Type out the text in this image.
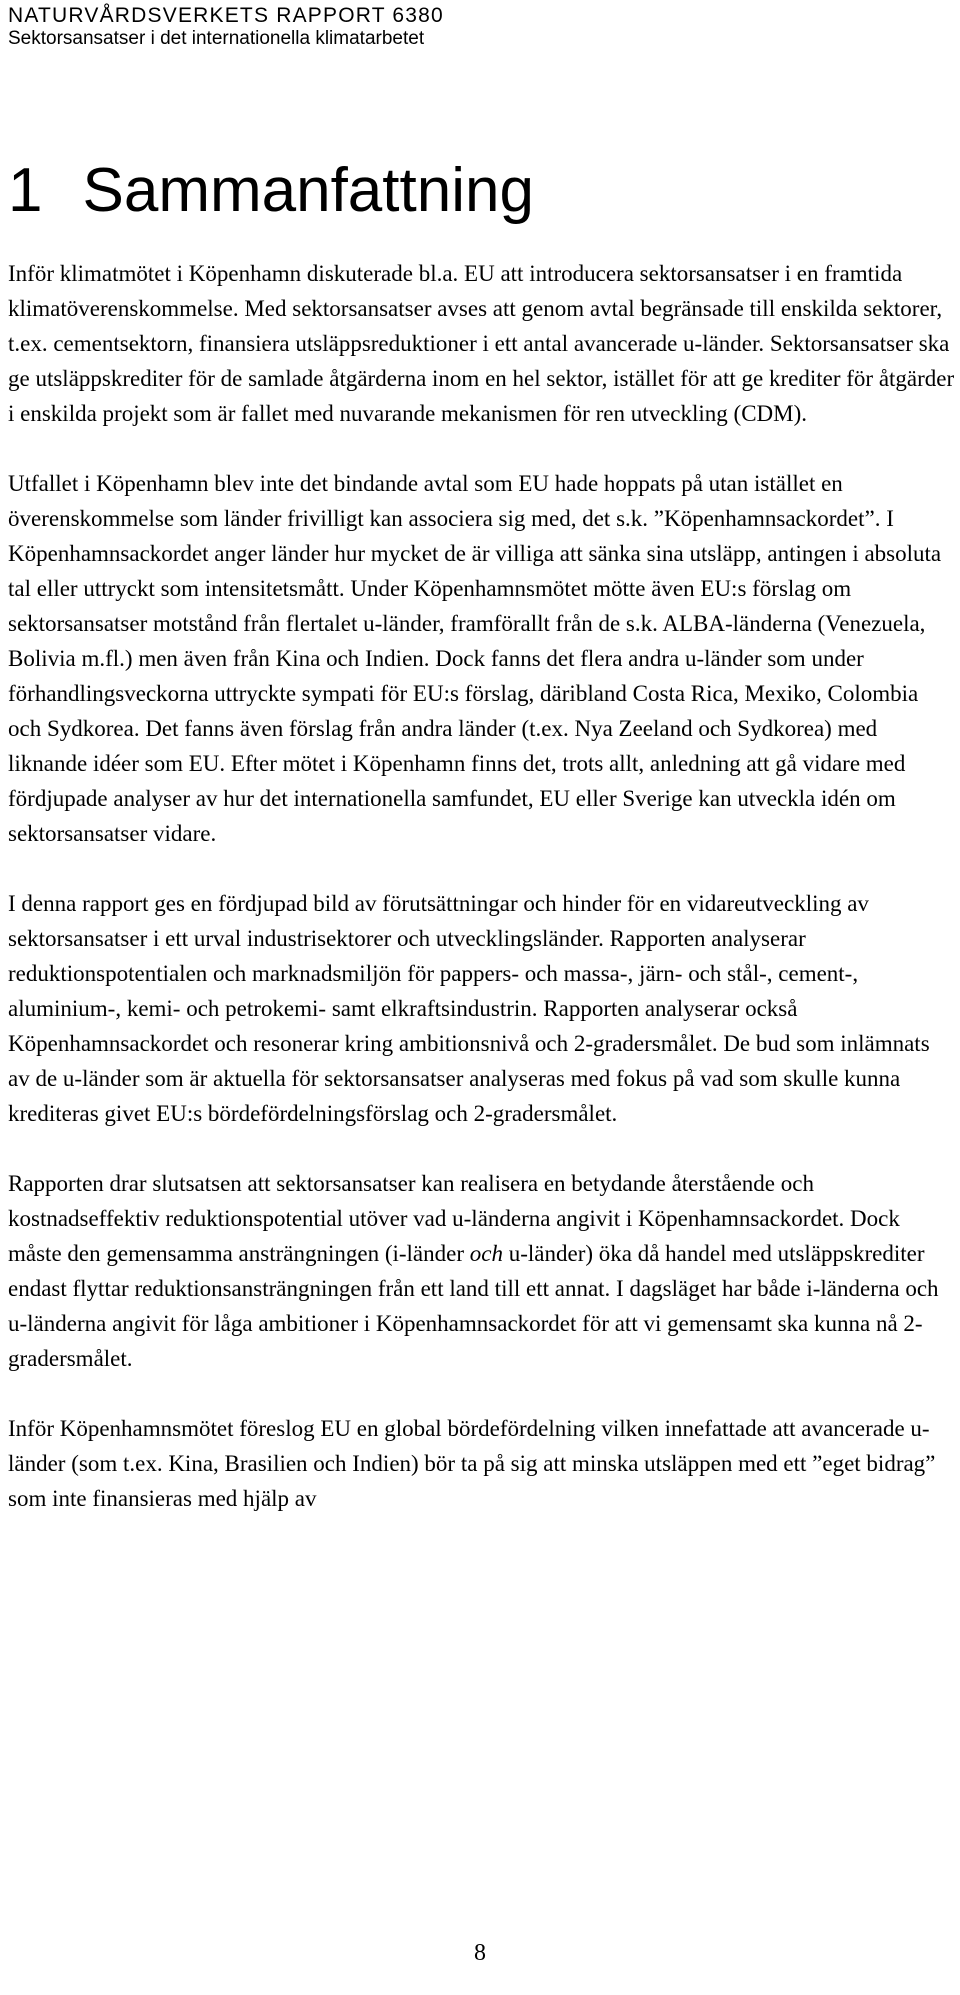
NATURVÅRDSVERKETS RAPPORT 6380
Sektorsansatser i det internationella klimatarbetet
1 Sammanfattning

Inför klimatmötet i Köpenhamn diskuterade bl.a. EU att introducera sektorsansatser i en framtida klimatöverenskommelse. Med sektorsansatser avses att genom avtal begränsade till enskilda sektorer, t.ex. cementsektorn, finansiera utsläppsreduktioner i ett antal avancerade u-länder. Sektorsansatser ska ge utsläppskrediter för de samlade åtgärderna inom en hel sektor, istället för att ge krediter för åtgärder i enskilda projekt som är fallet med nuvarande mekanismen för ren utveckling (CDM).

Utfallet i Köpenhamn blev inte det bindande avtal som EU hade hoppats på utan istället en överenskommelse som länder frivilligt kan associera sig med, det s.k. ”Köpenhamnsackordet”. I Köpenhamnsackordet anger länder hur mycket de är villiga att sänka sina utsläpp, antingen i absoluta tal eller uttryckt som intensitetsmått. Under Köpenhamnsmötet mötte även EU:s förslag om sektorsansatser motstånd från flertalet u-länder, framförallt från de s.k. ALBA-länderna (Venezuela, Bolivia m.fl.) men även från Kina och Indien. Dock fanns det flera andra u-länder som under förhandlingsveckorna uttryckte sympati för EU:s förslag, däribland Costa Rica, Mexiko, Colombia och Sydkorea. Det fanns även förslag från andra länder (t.ex. Nya Zeeland och Sydkorea) med liknande idéer som EU. Efter mötet i Köpenhamn finns det, trots allt, anledning att gå vidare med fördjupade analyser av hur det internationella samfundet, EU eller Sverige kan utveckla idén om sektorsansatser vidare.

I denna rapport ges en fördjupad bild av förutsättningar och hinder för en vidareutveckling av sektorsansatser i ett urval industrisektorer och utvecklingsländer. Rapporten analyserar reduktionspotentialen och marknadsmiljön för pappers- och massa-, järn- och stål-, cement-, aluminium-, kemi- och petrokemi- samt elkraftsindustrin. Rapporten analyserar också Köpenhamnsackordet och resonerar kring ambitionsnivå och 2-gradersmålet. De bud som inlämnats av de u-länder som är aktuella för sektorsansatser analyseras med fokus på vad som skulle kunna krediteras givet EU:s bördefördelningsförslag och 2-gradersmålet.

Rapporten drar slutsatsen att sektorsansatser kan realisera en betydande återstående och kostnadseffektiv reduktionspotential utöver vad u-länderna angivit i Köpenhamnsackordet. Dock måste den gemensamma ansträngningen (i-länder och u-länder) öka då handel med utsläppskrediter endast flyttar reduktionsansträngningen från ett land till ett annat. I dagsläget har både i-länderna och u-länderna angivit för låga ambitioner i Köpenhamnsackordet för att vi gemensamt ska kunna nå 2-gradersmålet.

Inför Köpenhamnsmötet föreslog EU en global bördefördelning vilken innefattade att avancerade u-länder (som t.ex. Kina, Brasilien och Indien) bör ta på sig att minska utsläppen med ett ”eget bidrag” som inte finansieras med hjälp av

8
